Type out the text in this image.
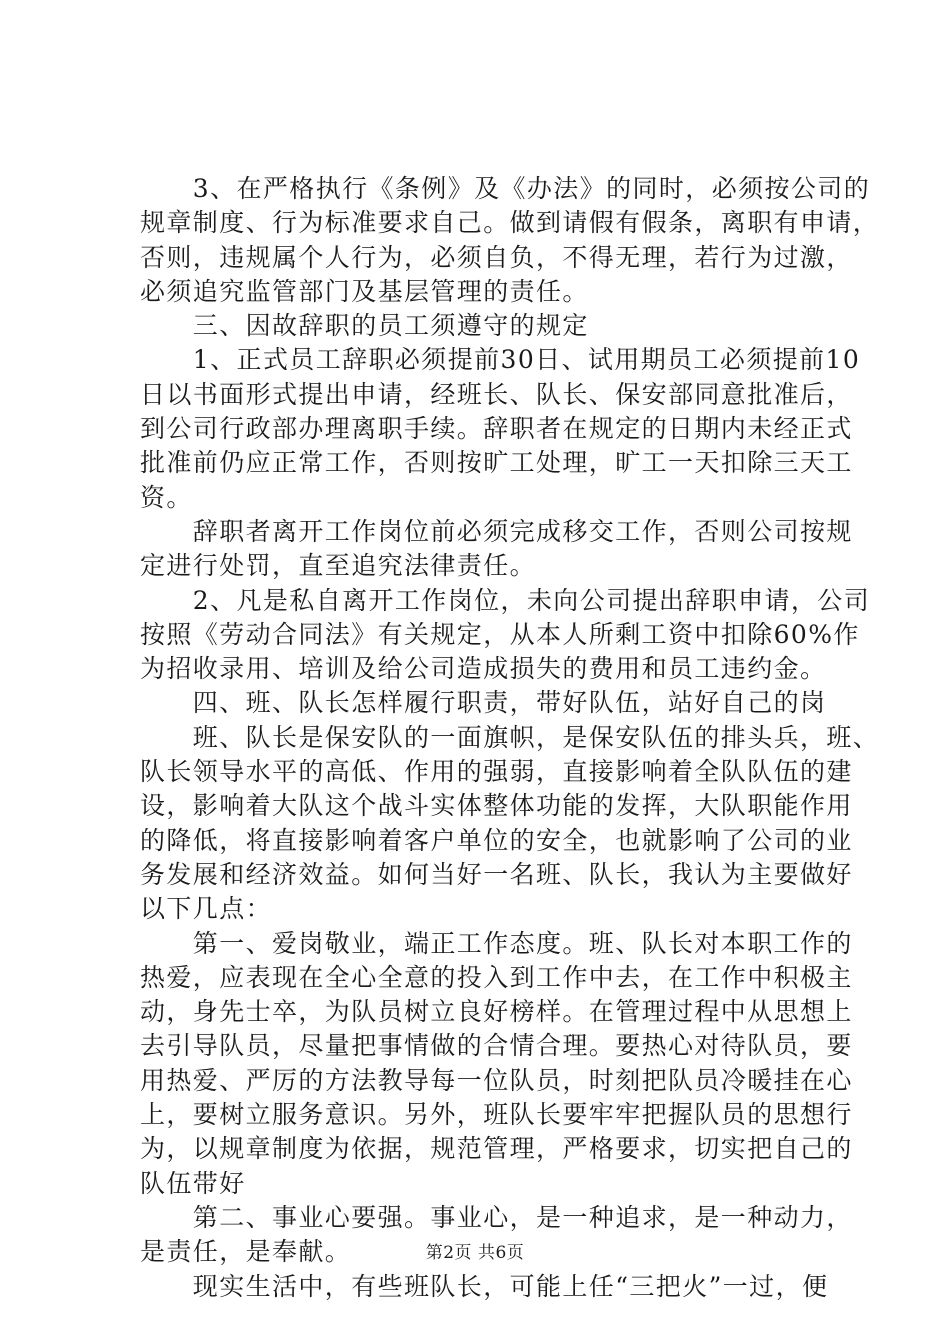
　　3、在严格执行《条例》及《办法》的同时，必须按公司的
规章制度、行为标准要求自己。做到请假有假条，离职有申请，
否则，违规属个人行为，必须自负，不得无理，若行为过激，
必须追究监管部门及基层管理的责任。
　　三、因故辞职的员工须遵守的规定
　　1、正式员工辞职必须提前30日、试用期员工必须提前10
日以书面形式提出申请，经班长、队长、保安部同意批准后，
到公司行政部办理离职手续。辞职者在规定的日期内未经正式
批准前仍应正常工作，否则按旷工处理，旷工一天扣除三天工
资。
　　辞职者离开工作岗位前必须完成移交工作，否则公司按规
定进行处罚，直至追究法律责任。
　　2、凡是私自离开工作岗位，未向公司提出辞职申请，公司
按照《劳动合同法》有关规定，从本人所剩工资中扣除60%作
为招收录用、培训及给公司造成损失的费用和员工违约金。
　　四、班、队长怎样履行职责，带好队伍，站好自己的岗
　　班、队长是保安队的一面旗帜，是保安队伍的排头兵，班、
队长领导水平的高低、作用的强弱，直接影响着全队队伍的建
设，影响着大队这个战斗实体整体功能的发挥，大队职能作用
的降低，将直接影响着客户单位的安全，也就影响了公司的业
务发展和经济效益。如何当好一名班、队长，我认为主要做好
以下几点：
　　第一、爱岗敬业，端正工作态度。班、队长对本职工作的
热爱，应表现在全心全意的投入到工作中去，在工作中积极主
动，身先士卒，为队员树立良好榜样。在管理过程中从思想上
去引导队员，尽量把事情做的合情合理。要热心对待队员，要
用热爱、严厉的方法教导每一位队员，时刻把队员冷暖挂在心
上，要树立服务意识。另外，班队长要牢牢把握队员的思想行
为，以规章制度为依据，规范管理，严格要求，切实把自己的
队伍带好
　　第二、事业心要强。事业心，是一种追求，是一种动力，
是责任，是奉献。
　　现实生活中，有些班队长，可能上任“三把火”一过，便
第2页 共6页
